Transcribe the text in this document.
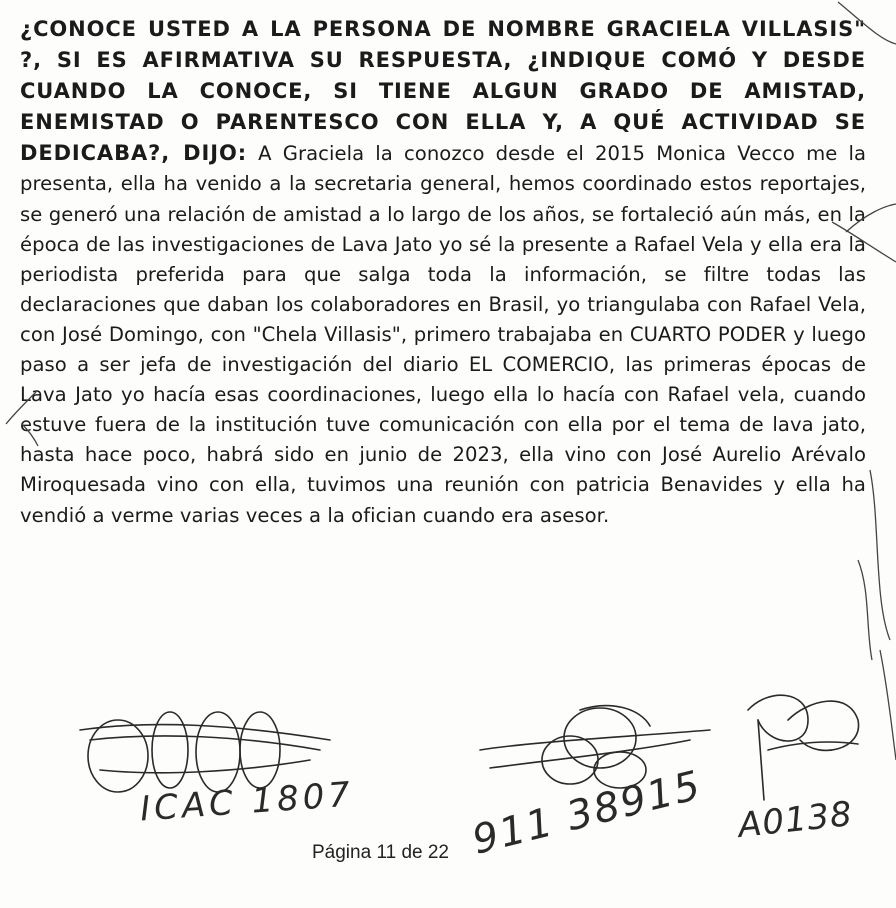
¿CONOCE USTED A LA PERSONA DE NOMBRE GRACIELA VILLASIS" ?, SI ES AFIRMATIVA SU RESPUESTA, ¿INDIQUE COMÓ Y DESDE CUANDO LA CONOCE, SI TIENE ALGUN GRADO DE AMISTAD, ENEMISTAD O PARENTESCO CON ELLA Y, A QUÉ ACTIVIDAD SE DEDICABA?, DIJO: A Graciela la conozco desde el 2015 Monica Vecco me la presenta, ella ha venido a la secretaria general, hemos coordinado estos reportajes, se generó una relación de amistad a lo largo de los años, se fortaleció aún más, en la época de las investigaciones de Lava Jato yo sé la presente a Rafael Vela y ella era la periodista preferida para que salga toda la información, se filtre todas las declaraciones que daban los colaboradores en Brasil, yo triangulaba con Rafael Vela, con José Domingo, con "Chela Villasis", primero trabajaba en CUARTO PODER y luego paso a ser jefa de investigación del diario EL COMERCIO, las primeras épocas de Lava Jato yo hacía esas coordinaciones, luego ella lo hacía con Rafael vela, cuando estuve fuera de la institución tuve comunicación con ella por el tema de lava jato, hasta hace poco, habrá sido en junio de 2023, ella vino con José Aurelio Arévalo Miroquesada vino con ella, tuvimos una reunión con patricia Benavides y ella ha vendió a verme varias veces a la ofician cuando era asesor.
ICAC 1807	911 38915 A0138
Página 11 de 22
